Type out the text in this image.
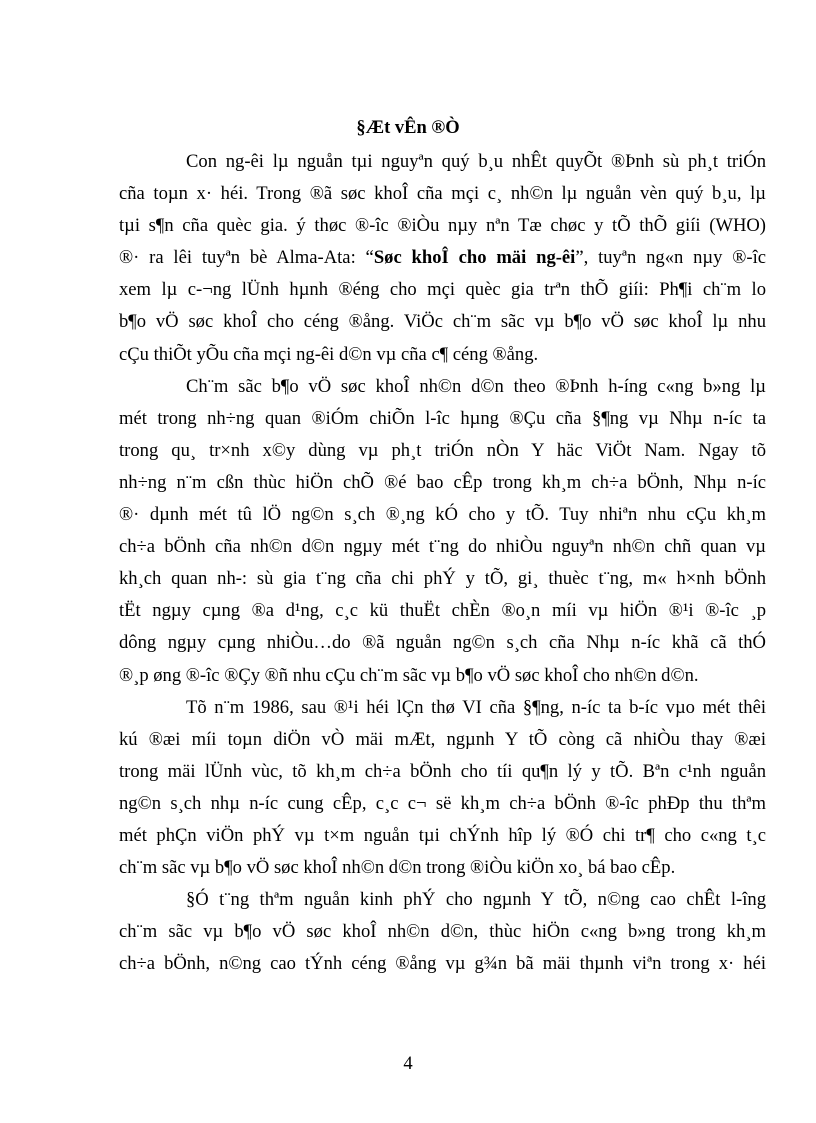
§Æt vÊn ®Ò
Con ng-êi lµ nguån tµi nguyªn quý b¸u nhÊt quyÕt ®Þnh sù ph¸t triÓn
cña toµn x· héi. Trong ®ã søc khoÎ cña mçi c¸ nh©n lµ nguån vèn quý b¸u, lµ
tµi s¶n cña quèc gia. ý thøc ®-îc ®iÒu nµy nªn Tæ chøc y tÕ thÕ giíi (WHO)
®· ra lêi tuyªn bè Alma-Ata: “Søc khoÎ cho mäi ng-êi”, tuyªn ng«n nµy ®-îc
xem lµ c-¬ng lÜnh hµnh ®éng cho mçi quèc gia trªn thÕ giíi: Ph¶i ch¨m lo
b¶o vÖ søc khoÎ cho céng ®ång. ViÖc ch¨m sãc vµ b¶o vÖ søc khoÎ lµ nhu
cÇu thiÕt yÕu cña mçi ng-êi d©n vµ cña c¶ céng ®ång.
Ch¨m sãc b¶o vÖ søc khoÎ nh©n d©n theo ®Þnh h-íng c«ng b»ng lµ
mét trong nh÷ng quan ®iÓm chiÕn l-îc hµng ®Çu cña §¶ng vµ Nhµ n-íc ta
trong qu¸ tr×nh x©y dùng vµ ph¸t triÓn nÒn Y häc ViÖt Nam. Ngay tõ
nh÷ng n¨m cßn thùc hiÖn chÕ ®é bao cÊp trong kh¸m ch÷a bÖnh, Nhµ n-íc
®· dµnh mét tû lÖ ng©n s¸ch ®¸ng kÓ cho y tÕ. Tuy nhiªn nhu cÇu kh¸m
ch÷a bÖnh cña nh©n d©n ngµy mét t¨ng do nhiÒu nguyªn nh©n chñ quan vµ
kh¸ch quan nh-: sù gia t¨ng cña chi phÝ y tÕ, gi¸ thuèc t¨ng, m« h×nh bÖnh
tËt ngµy cµng ®a d¹ng, c¸c kü thuËt chÈn ®o¸n míi vµ hiÖn ®¹i ®-îc ¸p
dông ngµy cµng nhiÒu…do ®ã nguån ng©n s¸ch cña Nhµ n-íc khã cã thÓ
®¸p øng ®-îc ®Çy ®ñ nhu cÇu ch¨m sãc vµ b¶o vÖ søc khoÎ cho nh©n d©n.
Tõ n¨m 1986, sau ®¹i héi lÇn thø VI cña §¶ng, n-íc ta b-íc vµo mét thêi
kú ®æi míi toµn diÖn vÒ mäi mÆt, ngµnh Y tÕ còng cã nhiÒu thay ®æi
trong mäi lÜnh vùc, tõ kh¸m ch÷a bÖnh cho tíi qu¶n lý y tÕ. Bªn c¹nh nguån
ng©n s¸ch nhµ n-íc cung cÊp, c¸c c¬ së kh¸m ch÷a bÖnh ®-îc phÐp thu thªm
mét phÇn viÖn phÝ vµ t×m nguån tµi chÝnh hîp lý ®Ó chi tr¶ cho c«ng t¸c
ch¨m sãc vµ b¶o vÖ søc khoÎ nh©n d©n trong ®iÒu kiÖn xo¸ bá bao cÊp.
§Ó t¨ng thªm nguån kinh phÝ cho ngµnh Y tÕ, n©ng cao chÊt l-îng
ch¨m sãc vµ b¶o vÖ søc khoÎ nh©n d©n, thùc hiÖn c«ng b»ng trong kh¸m
ch÷a bÖnh, n©ng cao tÝnh céng ®ång vµ g¾n bã mäi thµnh viªn trong x· héi
4
